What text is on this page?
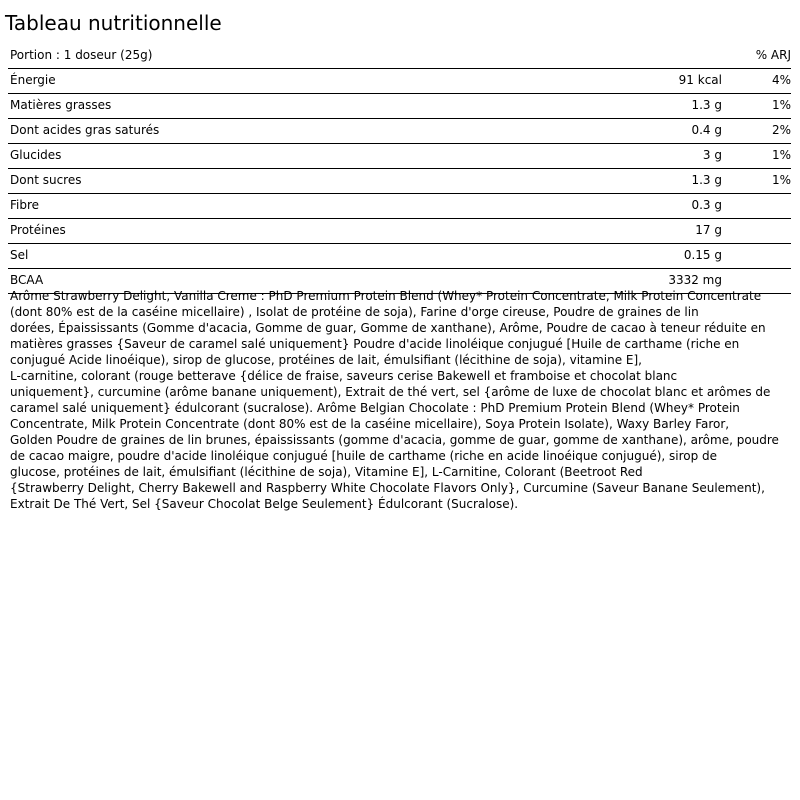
Tableau nutritionnelle
Portion : 1 doseur (25g)	% ARJ
Énergie	91 kcal	4%
Matières grasses	1.3 g	1%
Dont acides gras saturés	0.4 g	2%
Glucides	3 g	1%
Dont sucres	1.3 g	1%
Fibre	0.3 g
Protéines	17 g
Sel	0.15 g
BCAA	3332 mg

Arôme Strawberry Delight, Vanilla Creme : PhD Premium Protein Blend (Whey* Protein Concentrate, Milk Protein Concentrate
(dont 80% est de la caséine micellaire) , Isolat de protéine de soja), Farine d'orge cireuse, Poudre de graines de lin
dorées, Épaississants (Gomme d'acacia, Gomme de guar, Gomme de xanthane), Arôme, Poudre de cacao à teneur réduite en
matières grasses {Saveur de caramel salé uniquement} Poudre d'acide linoléique conjugué [Huile de carthame (riche en
conjugué Acide linoéique), sirop de glucose, protéines de lait, émulsifiant (lécithine de soja), vitamine E],
L-carnitine, colorant (rouge betterave {délice de fraise, saveurs cerise Bakewell et framboise et chocolat blanc
uniquement}, curcumine (arôme banane uniquement), Extrait de thé vert, sel {arôme de luxe de chocolat blanc et arômes de
caramel salé uniquement} édulcorant (sucralose). Arôme Belgian Chocolate : PhD Premium Protein Blend (Whey* Protein
Concentrate, Milk Protein Concentrate (dont 80% est de la caséine micellaire), Soya Protein Isolate), Waxy Barley Faror,
Golden Poudre de graines de lin brunes, épaississants (gomme d'acacia, gomme de guar, gomme de xanthane), arôme, poudre
de cacao maigre, poudre d'acide linoléique conjugué [huile de carthame (riche en acide linoéique conjugué), sirop de
glucose, protéines de lait, émulsifiant (lécithine de soja), Vitamine E], L-Carnitine, Colorant (Beetroot Red
{Strawberry Delight, Cherry Bakewell and Raspberry White Chocolate Flavors Only}, Curcumine (Saveur Banane Seulement),
Extrait De Thé Vert, Sel {Saveur Chocolat Belge Seulement} Édulcorant (Sucralose).
